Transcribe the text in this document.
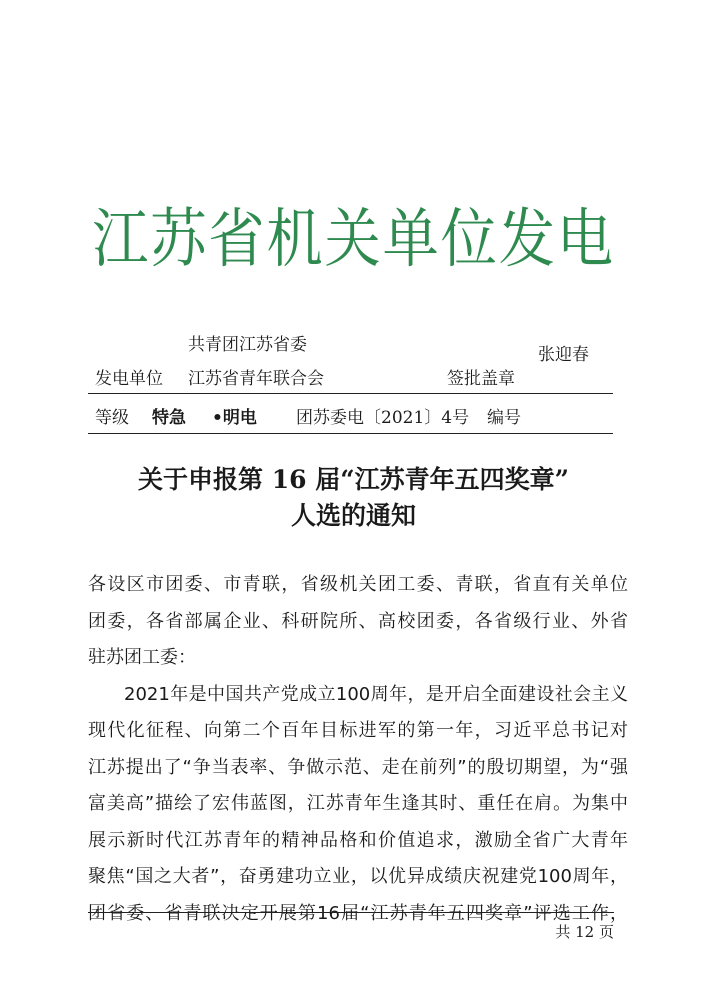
江苏省机关单位发电
共青团江苏省委	张迎春
发电单位 江苏省青年联合会	签批盖章
等级 特急 •明电 团苏委电〔2021〕4号 编号
关于申报第 16 届“江苏青年五四奖章”
人选的通知

各设区市团委、市青联，省级机关团工委、青联，省直有关单位

团委，各省部属企业、科研院所、高校团委，各省级行业、外省

驻苏团工委：

2021年是中国共产党成立100周年，是开启全面建设社会主义

现代化征程、向第二个百年目标进军的第一年，习近平总书记对

江苏提出了“争当表率、争做示范、走在前列”的殷切期望，为“强

富美高”描绘了宏伟蓝图，江苏青年生逢其时、重任在肩。为集中

展示新时代江苏青年的精神品格和价值追求，激励全省广大青年

聚焦“国之大者”，奋勇建功立业，以优异成绩庆祝建党100周年，

团省委、省青联决定开展第16届“江苏青年五四奖章”评选工作，

共 12 页
